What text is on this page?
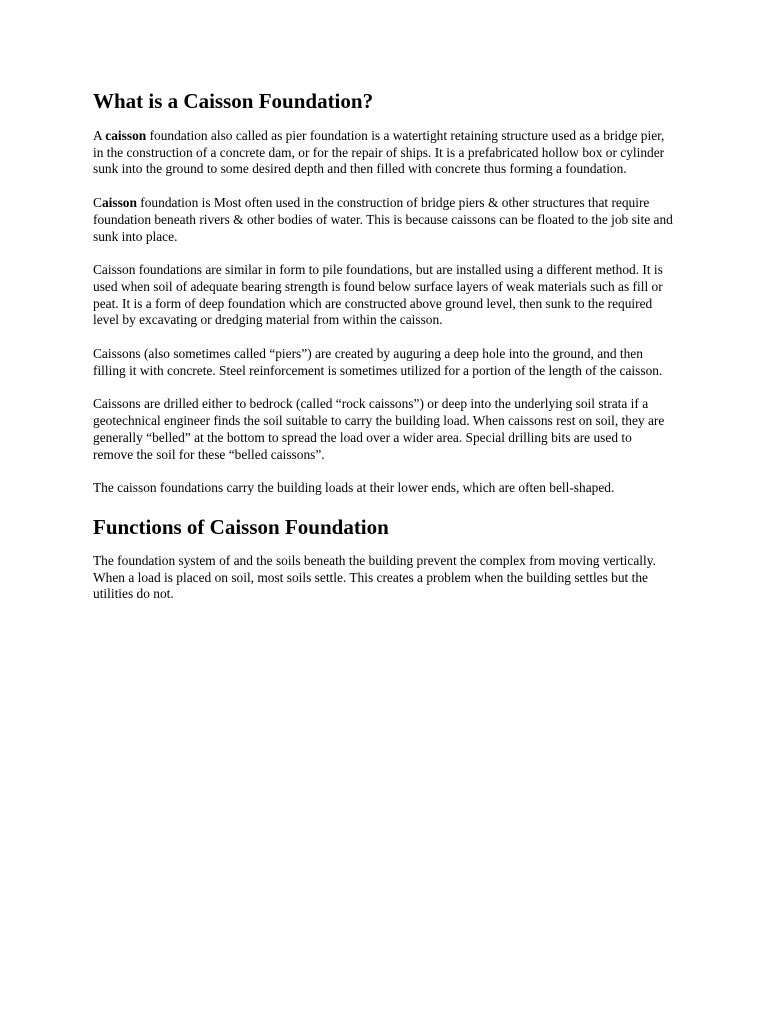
What is a Caisson Foundation?

A caisson foundation also called as pier foundation is a watertight retaining structure used as a bridge pier, in the construction of a concrete dam, or for the repair of ships. It is a prefabricated hollow box or cylinder sunk into the ground to some desired depth and then filled with concrete thus forming a foundation.

Caisson foundation is Most often used in the construction of bridge piers & other structures that require foundation beneath rivers & other bodies of water. This is because caissons can be floated to the job site and sunk into place.

Caisson foundations are similar in form to pile foundations, but are installed using a different method. It is used when soil of adequate bearing strength is found below surface layers of weak materials such as fill or peat. It is a form of deep foundation which are constructed above ground level, then sunk to the required level by excavating or dredging material from within the caisson.

Caissons (also sometimes called “piers”) are created by auguring a deep hole into the ground, and then filling it with concrete. Steel reinforcement is sometimes utilized for a portion of the length of the caisson.

Caissons are drilled either to bedrock (called “rock caissons”) or deep into the underlying soil strata if a geotechnical engineer finds the soil suitable to carry the building load. When caissons rest on soil, they are generally “belled” at the bottom to spread the load over a wider area. Special drilling bits are used to remove the soil for these “belled caissons”.

The caisson foundations carry the building loads at their lower ends, which are often bell-shaped.

Functions of Caisson Foundation

The foundation system of and the soils beneath the building prevent the complex from moving vertically. When a load is placed on soil, most soils settle. This creates a problem when the building settles but the utilities do not.
